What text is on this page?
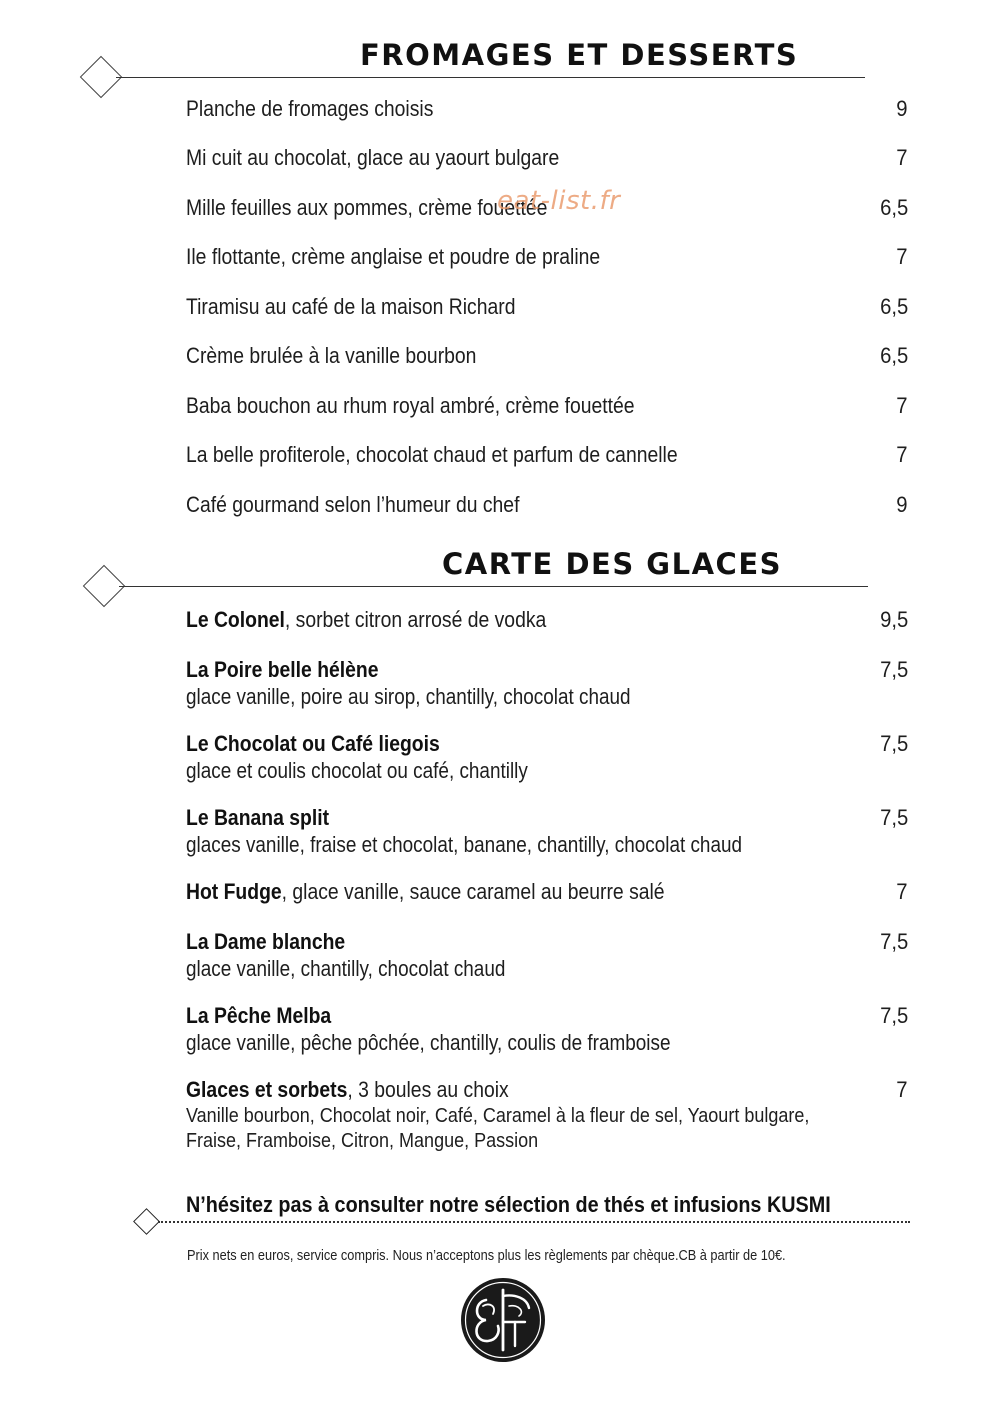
FROMAGES ET DESSERTS
Planche de fromages choisis	9
Mi cuit au chocolat, glace au yaourt bulgare	7
Mille feuilles aux pommes, crème fouettée	6,5
Ile flottante, crème anglaise et poudre de praline	7
Tiramisu au café de la maison Richard	6,5
Crème brulée à la vanille bourbon	6,5
Baba bouchon au rhum royal ambré, crème fouettée	7
La belle profiterole, chocolat chaud et parfum de cannelle	7
Café gourmand selon l’humeur du chef	9
CARTE DES GLACES
Le Colonel, sorbet citron arrosé de vodka	9,5
La Poire belle hélène	7,5
glace vanille, poire au sirop, chantilly, chocolat chaud
Le Chocolat ou Café liegois	7,5
glace et coulis chocolat ou café, chantilly
Le Banana split	7,5
glaces vanille, fraise et chocolat, banane, chantilly, chocolat chaud
Hot Fudge, glace vanille, sauce caramel au beurre salé	7
La Dame blanche	7,5
glace vanille, chantilly, chocolat chaud
La Pêche Melba	7,5
glace vanille, pêche pôchée, chantilly, coulis de framboise
Glaces et sorbets, 3 boules au choix	7
Vanille bourbon, Chocolat noir, Café, Caramel à la fleur de sel, Yaourt bulgare,
Fraise, Framboise, Citron, Mangue, Passion
N’hésitez pas à consulter notre sélection de thés et infusions KUSMI
Prix nets en euros, service compris. Nous n’acceptons plus les règlements par chèque.CB à partir de 10€.
eat-list.fr
